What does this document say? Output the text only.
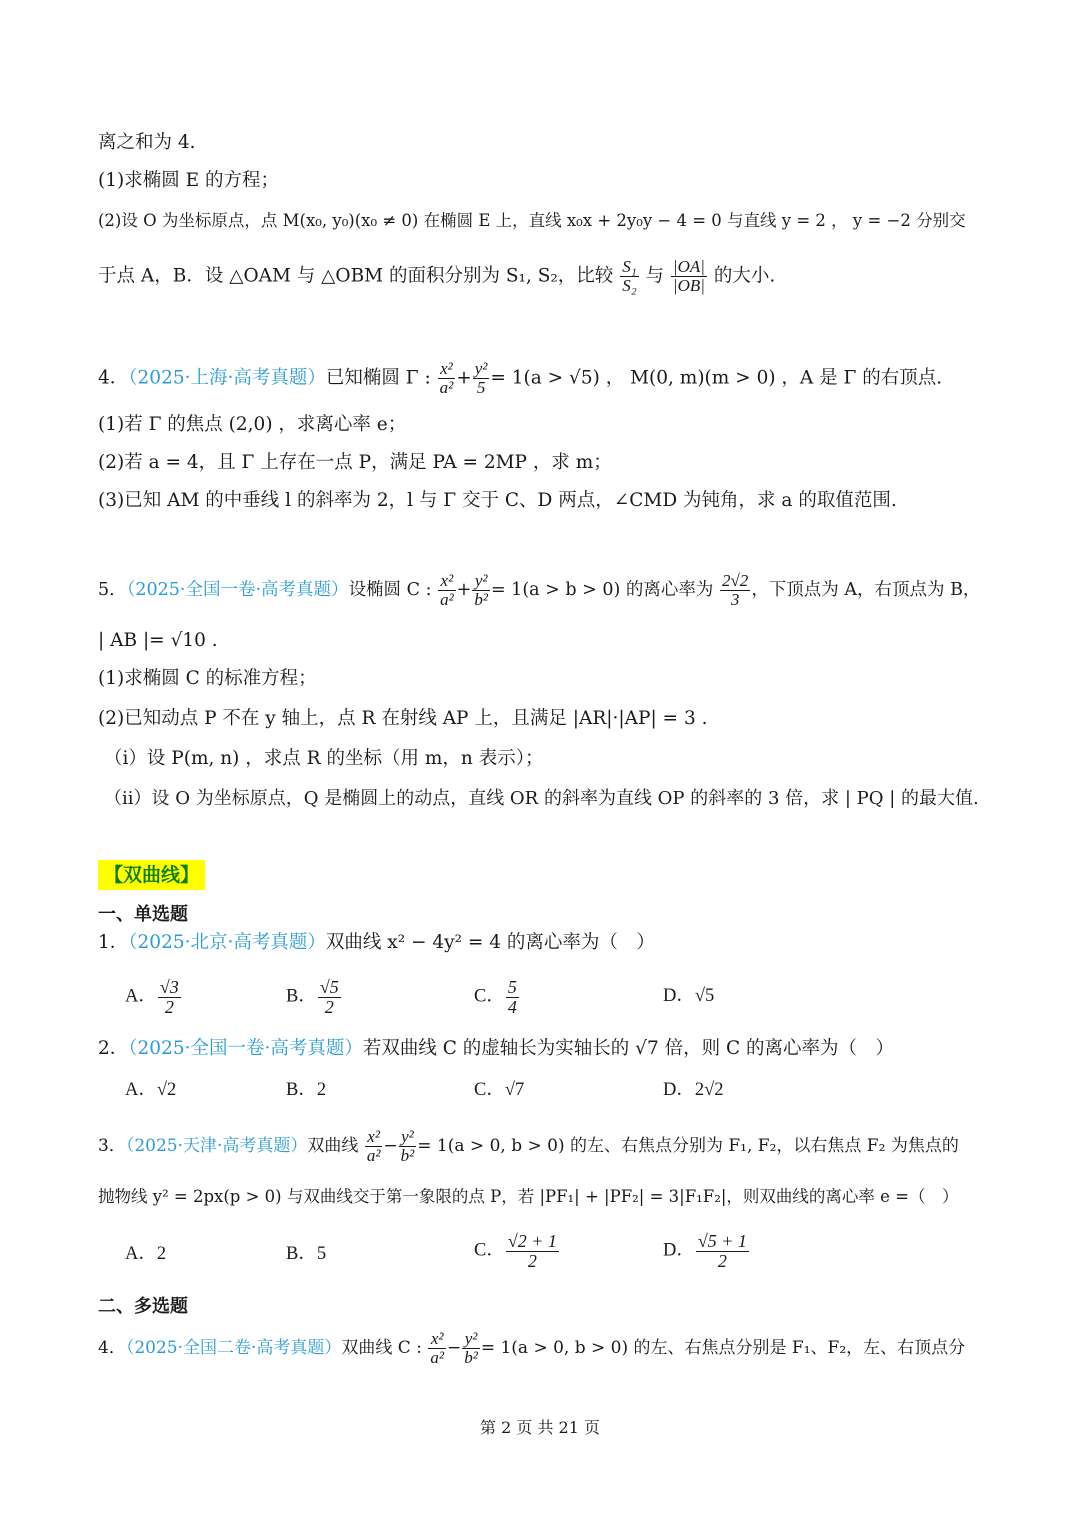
离之和为 4.
(1)求椭圆 E 的方程；
(2)设 O 为坐标原点，点 M(x₀, y₀)(x₀ ≠ 0) 在椭圆 E 上，直线 x₀x + 2y₀y − 4 = 0 与直线 y = 2 ， y = −2 分别交
于点 A，B．设 △OAM 与 △OBM 的面积分别为 S₁, S₂，比较 $\frac{\text{S₁}}{\text{S₂}}$ 与 $\frac{|OA|}{|OB|}$ 的大小.
4．（2025·上海·高考真题）已知椭圆 Γ : $\frac{\text{x²}}{\text{a²}} + \frac{\text{y²}}{5} = 1(a > √5)$ ， M(0, m)(m > 0) ，A 是 Γ 的右顶点.
(1)若 Γ 的焦点 (2,0) ，求离心率 e；
(2)若 a = 4，且 Γ 上存在一点 P，满足 PA = 2MP ，求 m；
(3)已知 AM 的中垂线 l 的斜率为 2，l 与 Γ 交于 C、D 两点，∠CMD 为钝角，求 a 的取值范围.
5．（2025·全国一卷·高考真题）设椭圆 C : $\frac{\text{x²}}{\text{a²}} + \frac{\text{y²}}{\text{b²}} = 1(a > b > 0)$ 的离心率为 $\frac{2√2}{3}$ ，下顶点为 A，右顶点为 B，
| AB |= √10 .
(1)求椭圆 C 的标准方程；
(2)已知动点 P 不在 y 轴上，点 R 在射线 AP 上，且满足 |AR|·|AP| = 3 .
（i）设 P(m, n) ，求点 R 的坐标（用 m，n 表示）；
（ii）设 O 为坐标原点，Q 是椭圆上的动点，直线 OR 的斜率为直线 OP 的斜率的 3 倍，求 | PQ | 的最大值.
【双曲线】
一、单选题
1．（2025·北京·高考真题）双曲线 x² − 4y² = 4 的离心率为（　）
A． $\frac{√3}{2}$	B． $\frac{√5}{2}$	C． $\frac{5}{4}$	D．√5
2．（2025·全国一卷·高考真题）若双曲线 C 的虚轴长为实轴长的 √7 倍，则 C 的离心率为（　）
A．√2	B．2	C．√7	D．2√2
3．（2025·天津·高考真题）双曲线 $\frac{\text{x²}}{\text{a²}} - \frac{\text{y²}}{\text{b²}} = 1(a > 0$, b > 0) 的左、右焦点分别为 F₁, F₂，以右焦点 F₂ 为焦点的
抛物线 y² = 2px(p > 0) 与双曲线交于第一象限的点 P，若 |PF₁| + |PF₂| = 3|F₁F₂|，则双曲线的离心率 e =（　）
A．2	B．5	C． $\frac{√2 + 1}{2}$	D． $\frac{√5 + 1}{2}$
二、多选题
4．（2025·全国二卷·高考真题）双曲线 C : $\frac{\text{x²}}{\text{a²}} - \frac{\text{y²}}{\text{b²}} = 1(a > 0$, b > 0) 的左、右焦点分别是 F₁、F₂，左、右顶点分
第 2 页 共 21 页
